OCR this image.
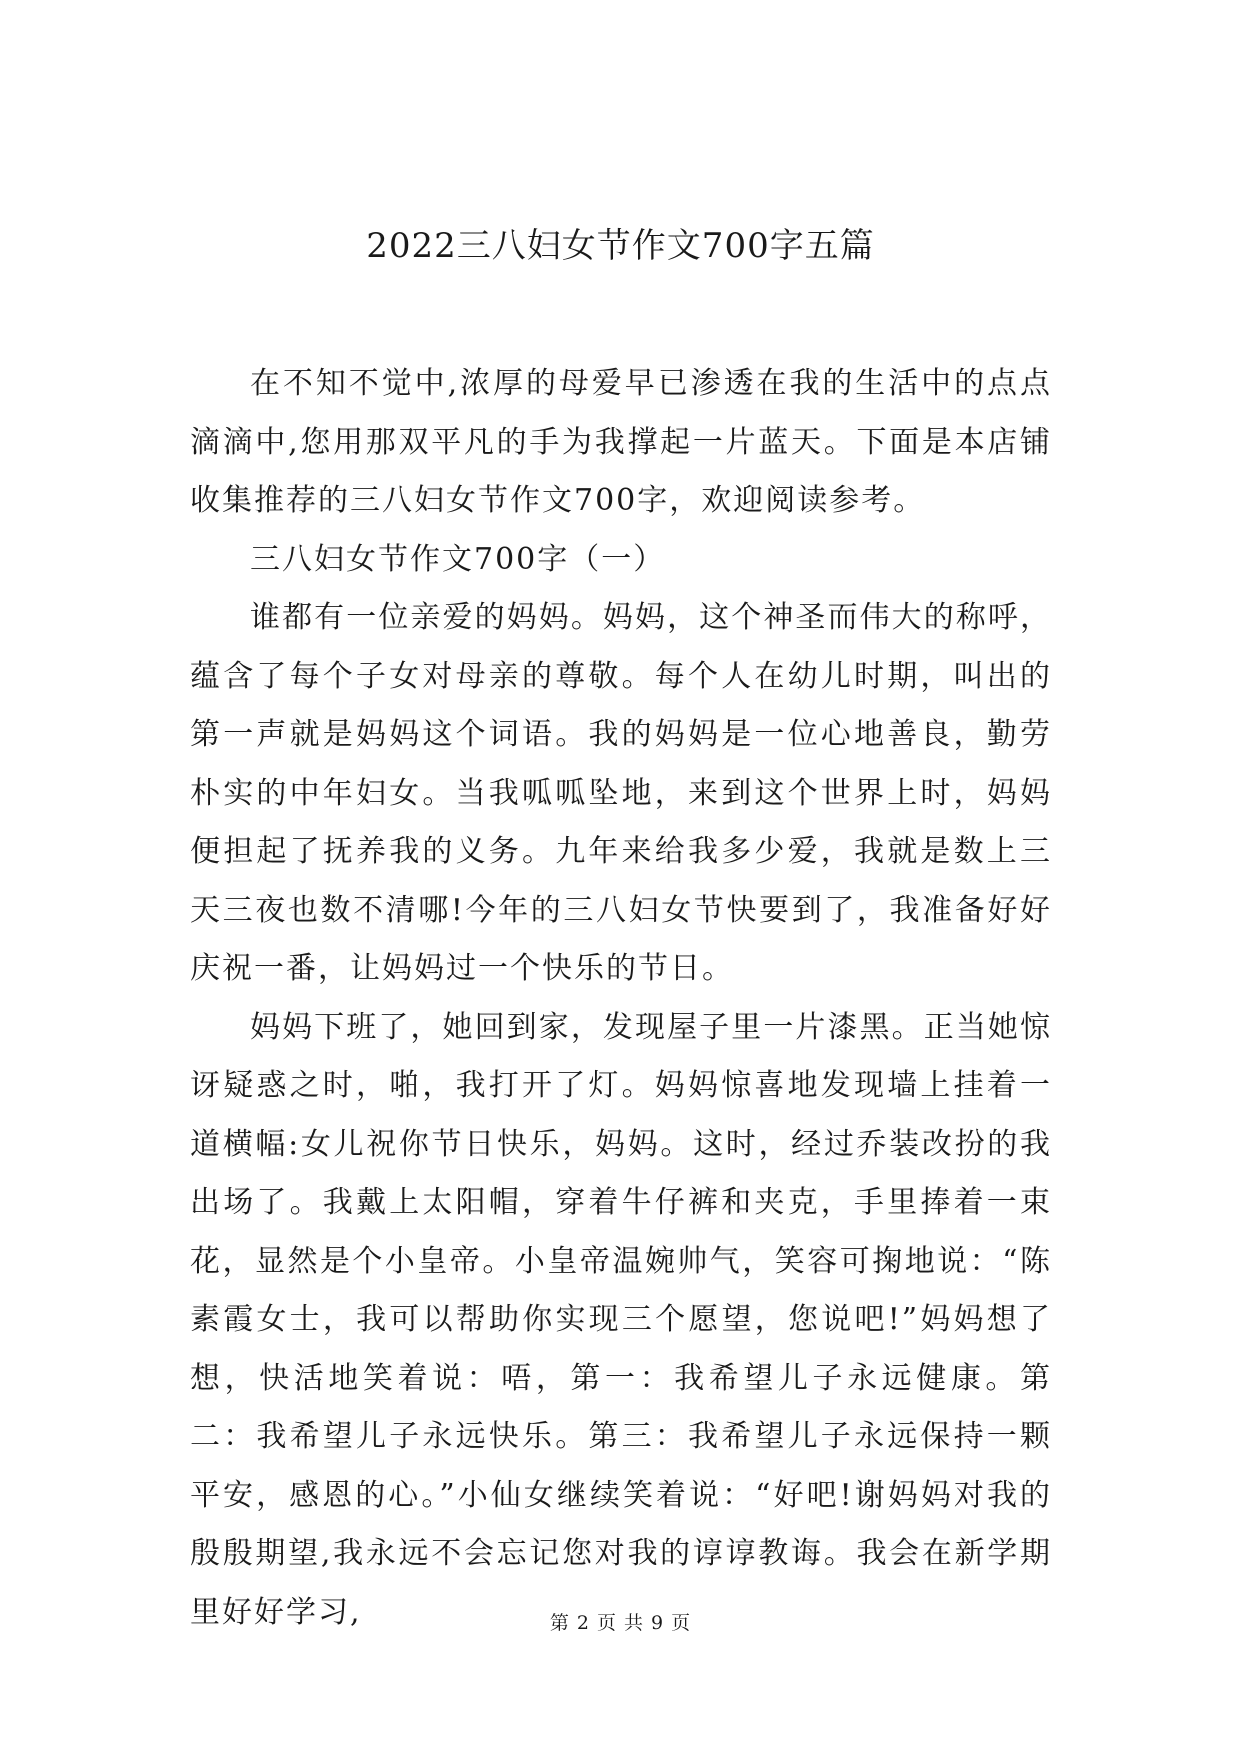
2022三八妇女节作文700字五篇

在不知不觉中,浓厚的母爱早已渗透在我的生活中的点点滴滴中,您用那双平凡的手为我撑起一片蓝天。下面是本店铺收集推荐的三八妇女节作文700字，欢迎阅读参考。

三八妇女节作文700字（一）

谁都有一位亲爱的妈妈。妈妈，这个神圣而伟大的称呼，蕴含了每个子女对母亲的尊敬。每个人在幼儿时期，叫出的第一声就是妈妈这个词语。我的妈妈是一位心地善良，勤劳朴实的中年妇女。当我呱呱坠地，来到这个世界上时，妈妈便担起了抚养我的义务。九年来给我多少爱，我就是数上三天三夜也数不清哪!今年的三八妇女节快要到了，我准备好好庆祝一番，让妈妈过一个快乐的节日。

妈妈下班了，她回到家，发现屋子里一片漆黑。正当她惊讶疑惑之时，啪，我打开了灯。妈妈惊喜地发现墙上挂着一道横幅:女儿祝你节日快乐，妈妈。这时，经过乔装改扮的我出场了。我戴上太阳帽，穿着牛仔裤和夹克，手里捧着一束花，显然是个小皇帝。小皇帝温婉帅气，笑容可掬地说：“陈素霞女士，我可以帮助你实现三个愿望，您说吧!”妈妈想了想，快活地笑着说：唔，第一：我希望儿子永远健康。第二：我希望儿子永远快乐。第三：我希望儿子永远保持一颗平安，感恩的心。”小仙女继续笑着说：“好吧!谢妈妈对我的殷殷期望,我永远不会忘记您对我的谆谆教诲。我会在新学期里好好学习,	第 2 页 共 9 页
